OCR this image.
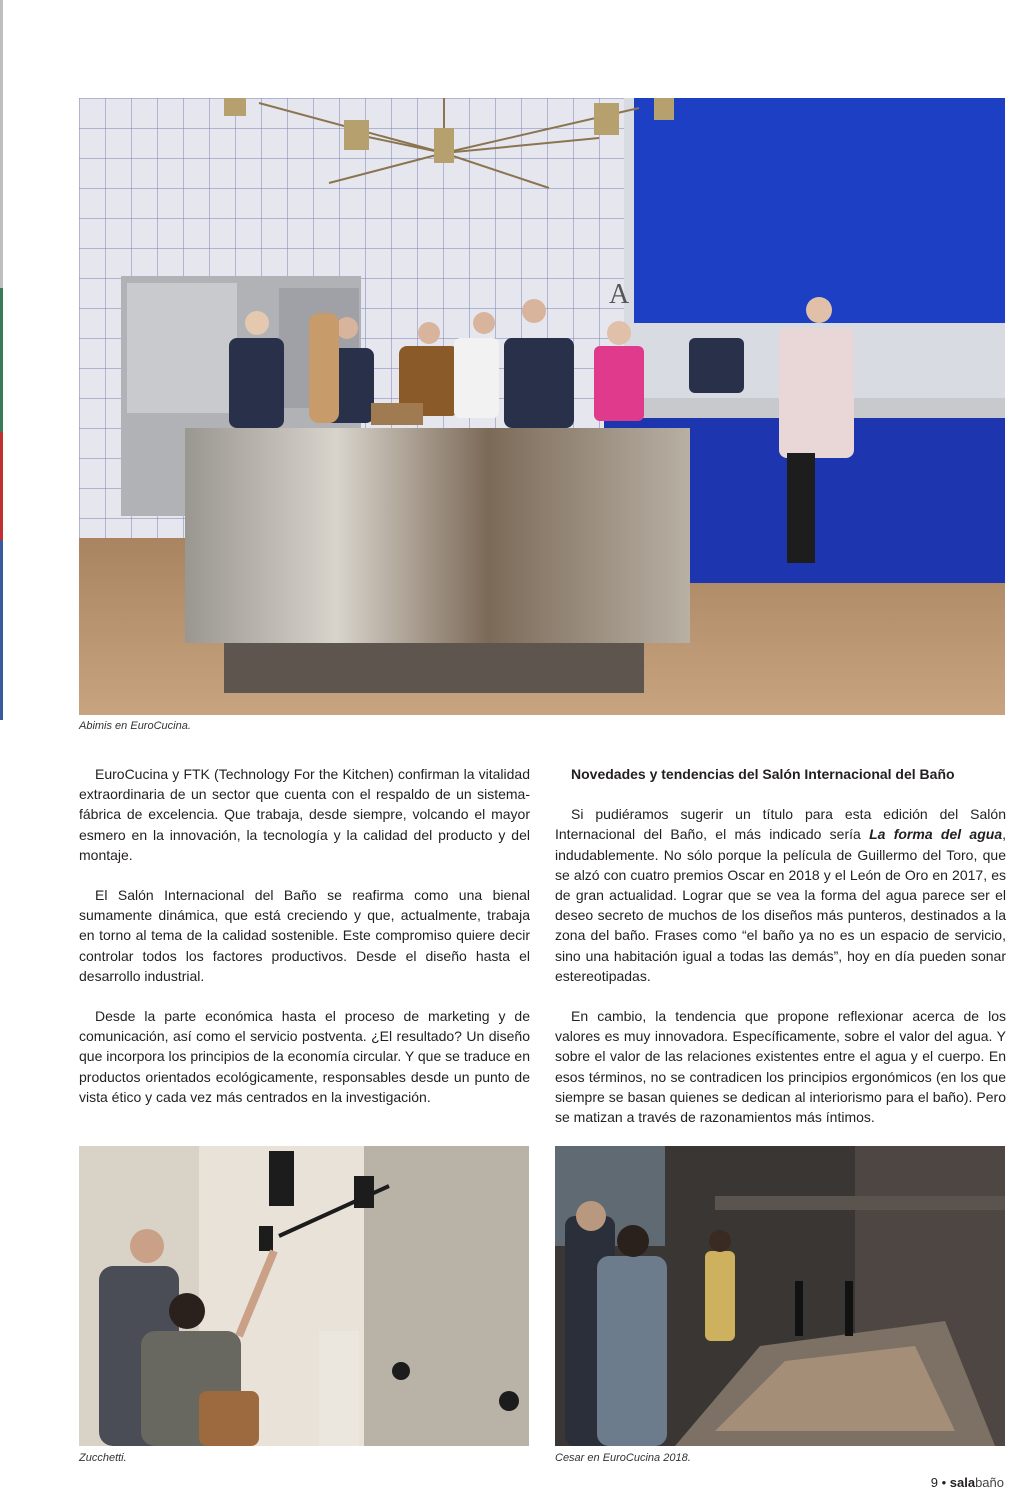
A
Abimis en EuroCucina.

EuroCucina y FTK (Technology For the Kitchen) confirman la vitalidad extraordinaria de un sector que cuenta con el respaldo de un sistema-fábrica de excelencia. Que trabaja, desde siempre, volcando el mayor esmero en la innovación, la tecnología y la calidad del producto y del montaje.

El Salón Internacional del Baño se reafirma como una bienal sumamente dinámica, que está creciendo y que, actualmente, trabaja en torno al tema de la calidad sostenible. Este compromiso quiere decir controlar todos los factores productivos. Desde el diseño hasta el desarrollo industrial.

Desde la parte económica hasta el proceso de marketing y de comunicación, así como el servicio postventa. ¿El resultado? Un diseño que incorpora los principios de la economía circular. Y que se traduce en productos orientados ecológicamente, responsables desde un punto de vista ético y cada vez más centrados en la investigación.

Novedades y tendencias del Salón Internacional del Baño

Si pudiéramos sugerir un título para esta edición del Salón Internacional del Baño, el más indicado sería La forma del agua, indudablemente. No sólo porque la película de Guillermo del Toro, que se alzó con cuatro premios Oscar en 2018 y el León de Oro en 2017, es de gran actualidad. Lograr que se vea la forma del agua parece ser el deseo secreto de muchos de los diseños más punteros, destinados a la zona del baño. Frases como “el baño ya no es un espacio de servicio, sino una habitación igual a todas las demás”, hoy en día pueden sonar estereotipadas.

En cambio, la tendencia que propone reflexionar acerca de los valores es muy innovadora. Específicamente, sobre el valor del agua. Y sobre el valor de las relaciones existentes entre el agua y el cuerpo. En esos términos, no se contradicen los principios ergonómicos (en los que siempre se basan quienes se dedican al interiorismo para el baño). Pero se matizan a través de razonamientos más íntimos.

Zucchetti.	Cesar en EuroCucina 2018.
9 • salabaño
